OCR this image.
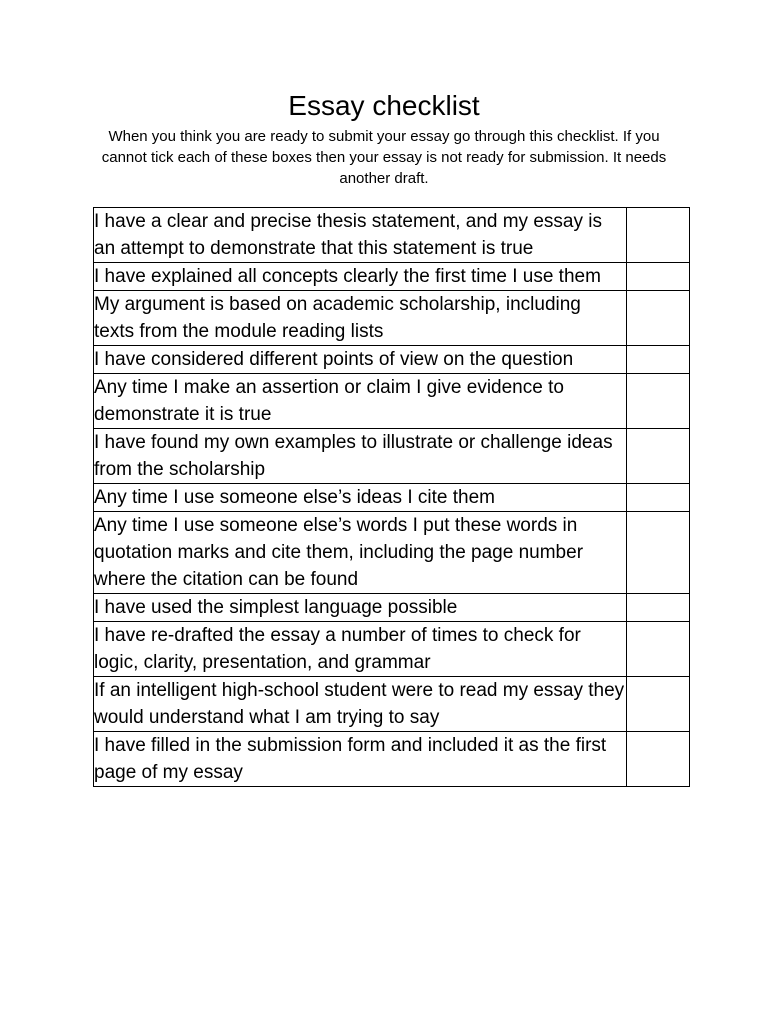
Essay checklist

When you think you are ready to submit your essay go through this checklist. If you cannot tick each of these boxes then your essay is not ready for submission. It needs another draft.

I have a clear and precise thesis statement, and my essay is an attempt to demonstrate that this statement is true	
I have explained all concepts clearly the first time I use them	
My argument is based on academic scholarship, including texts from the module reading lists	
I have considered different points of view on the question	
Any time I make an assertion or claim I give evidence to demonstrate it is true	
I have found my own examples to illustrate or challenge ideas from the scholarship	
Any time I use someone else’s ideas I cite them	
Any time I use someone else’s words I put these words in quotation marks and cite them, including the page number where the citation can be found	
I have used the simplest language possible	
I have re-drafted the essay a number of times to check for logic, clarity, presentation, and grammar	
If an intelligent high-school student were to read my essay they would understand what I am trying to say	
I have filled in the submission form and included it as the first page of my essay	
